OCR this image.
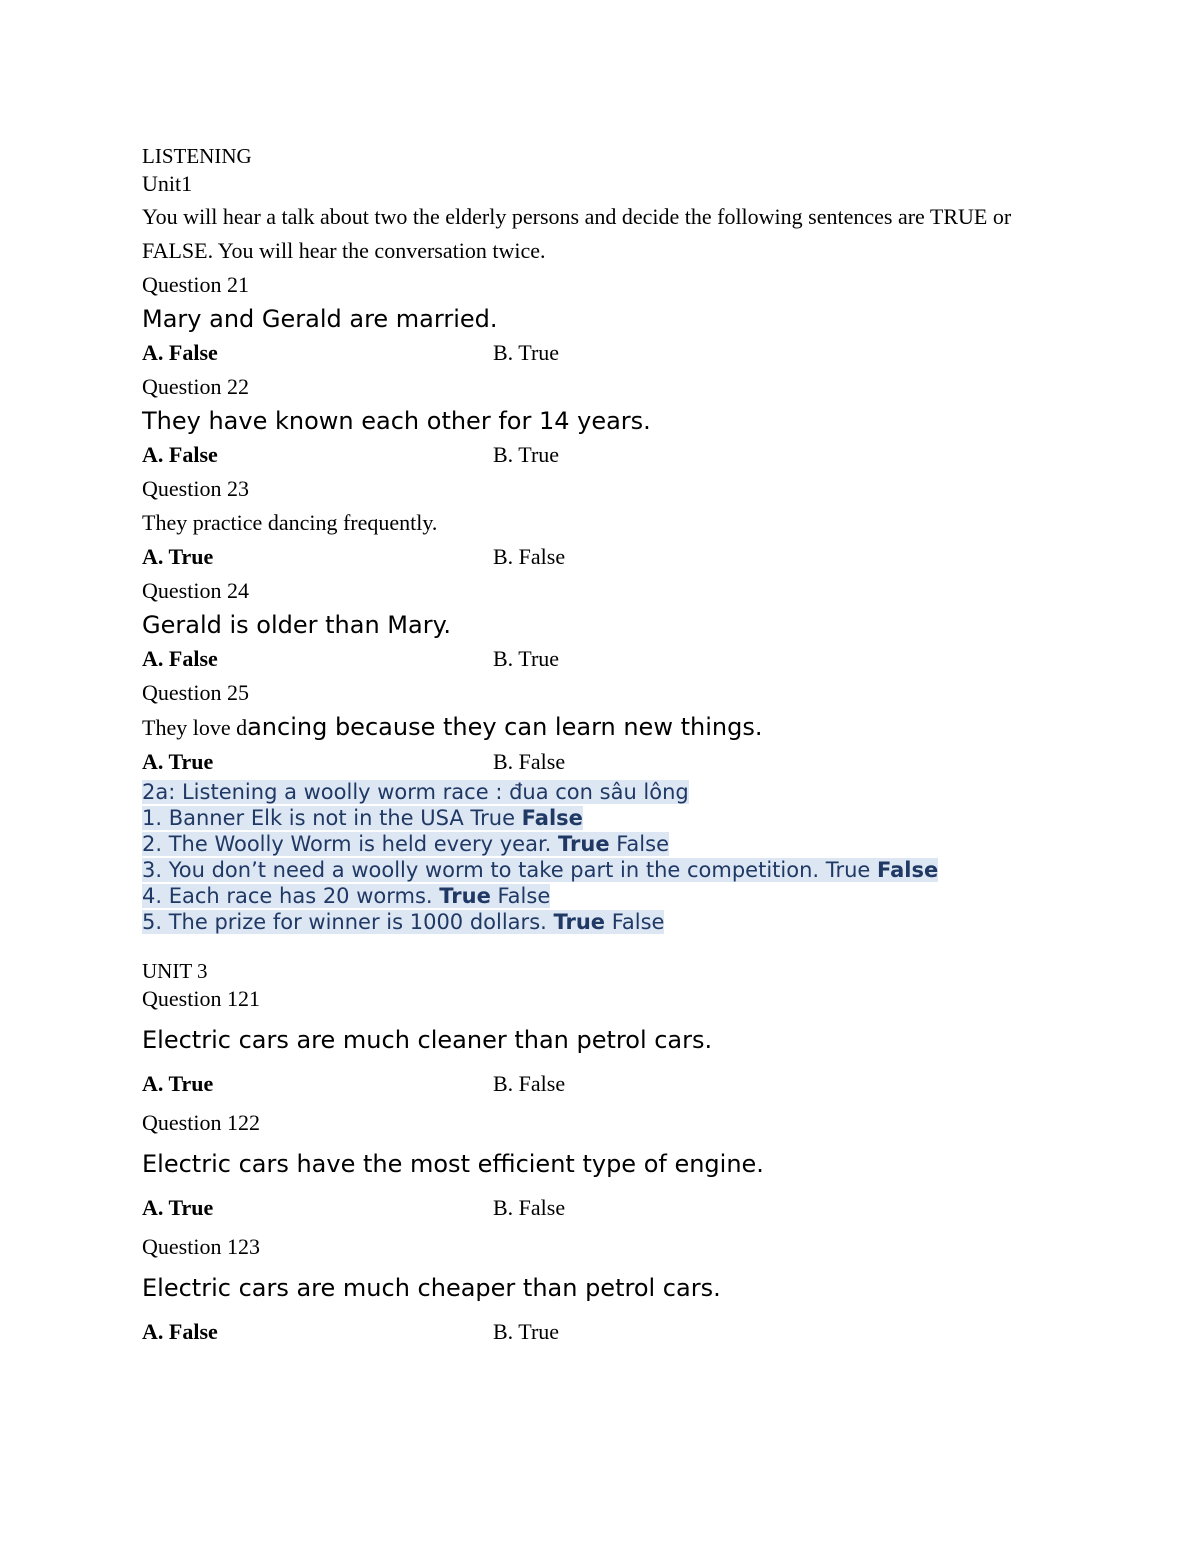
LISTENING
Unit1
You will hear a talk about two the elderly persons and decide the following sentences are TRUE or FALSE. You will hear the conversation twice.
Question 21
Mary and Gerald are married.
A. False	B. True
Question 22
They have known each other for 14 years.
A. False	B. True
Question 23
They practice dancing frequently.
A. True	B. False
Question 24
Gerald is older than Mary.
A. False	B. True
Question 25
They love dancing because they can learn new things.
A. True	B. False
2a: Listening a woolly worm race : đua con sâu lông
1. Banner Elk is not in the USA True False
2. The Woolly Worm is held every year. True False
3. You don’t need a woolly worm to take part in the competition. True False
4. Each race has 20 worms. True False
5. The prize for winner is 1000 dollars. True False
UNIT 3
Question 121
Electric cars are much cleaner than petrol cars.
A. True	B. False
Question 122
Electric cars have the most efficient type of engine.
A. True	B. False
Question 123
Electric cars are much cheaper than petrol cars.
A. False	B. True
